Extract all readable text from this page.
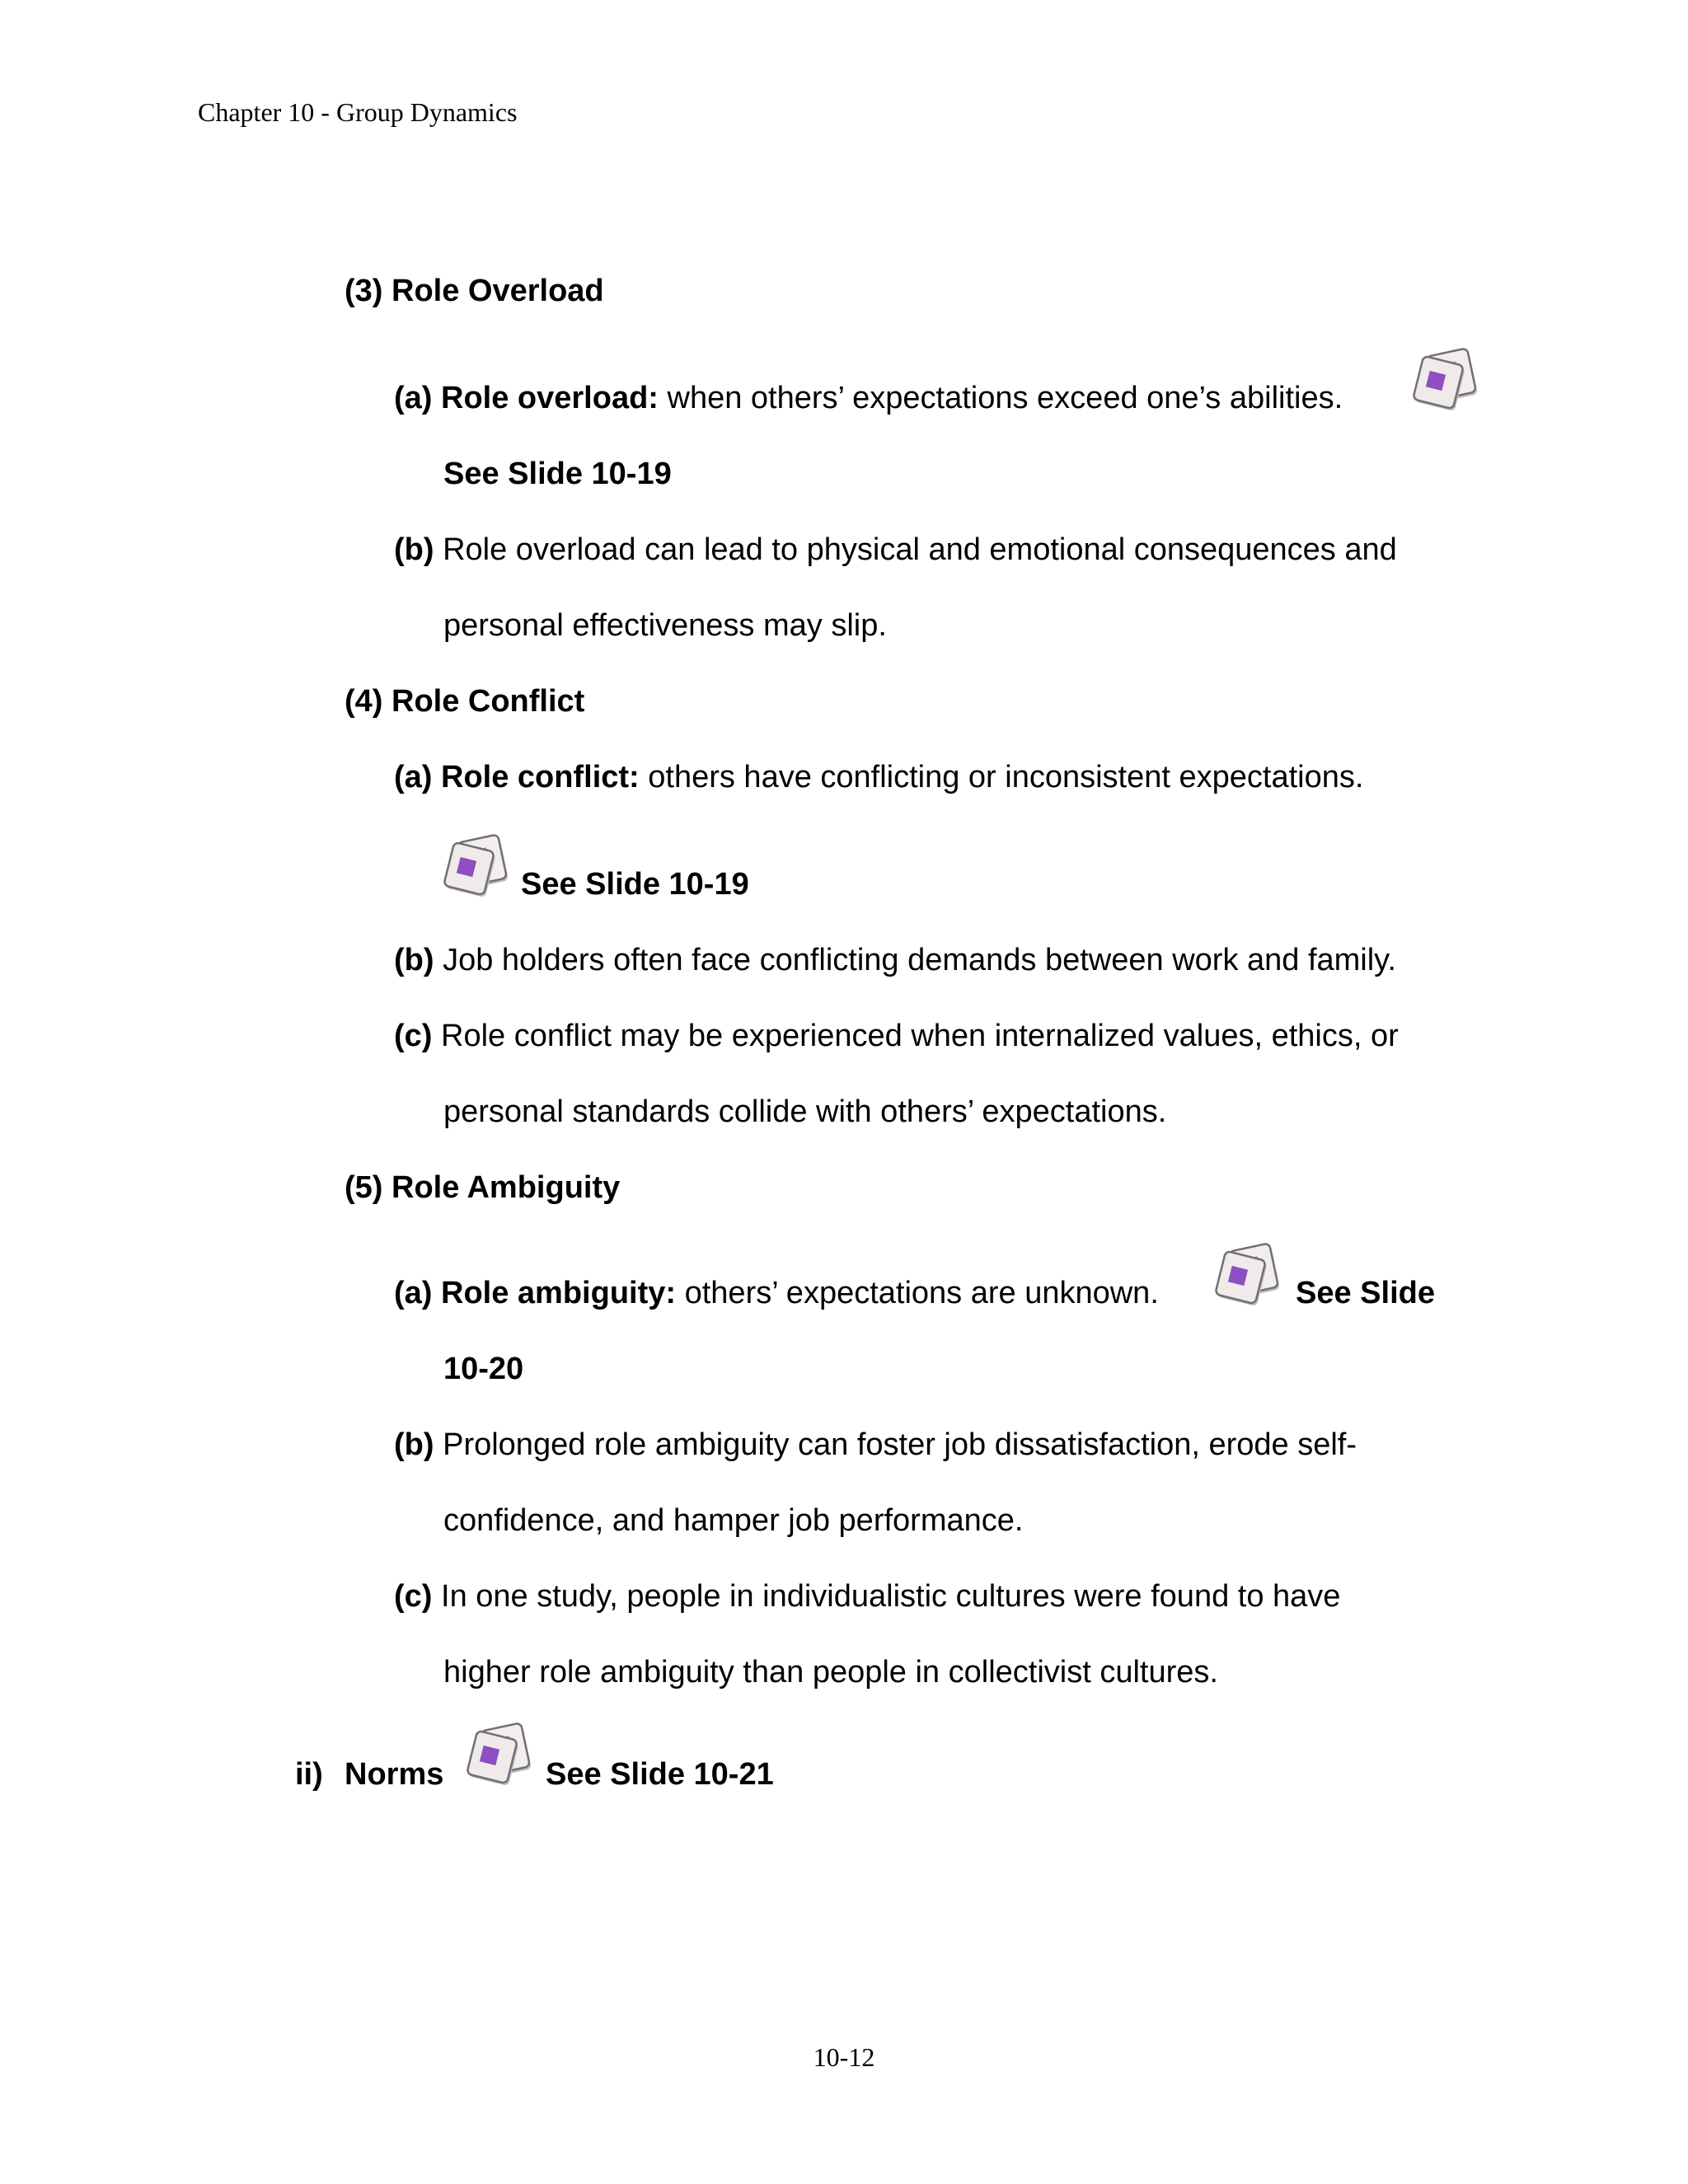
Chapter 10 - Group Dynamics
(3) Role Overload
(a) Role overload: when others’ expectations exceed one’s abilities.
See Slide 10-19
(b) Role overload can lead to physical and emotional consequences and
personal effectiveness may slip.
(4) Role Conflict
(a) Role conflict: others have conflicting or inconsistent expectations.
See Slide 10-19
(b) Job holders often face conflicting demands between work and family.
(c) Role conflict may be experienced when internalized values, ethics, or
personal standards collide with others’ expectations.
(5) Role Ambiguity
(a) Role ambiguity: others’ expectations are unknown.	See Slide
10-20
(b) Prolonged role ambiguity can foster job dissatisfaction, erode self-
confidence, and hamper job performance.
(c) In one study, people in individualistic cultures were found to have
higher role ambiguity than people in collectivist cultures.
ii) Norms	See Slide 10-21
10-12
